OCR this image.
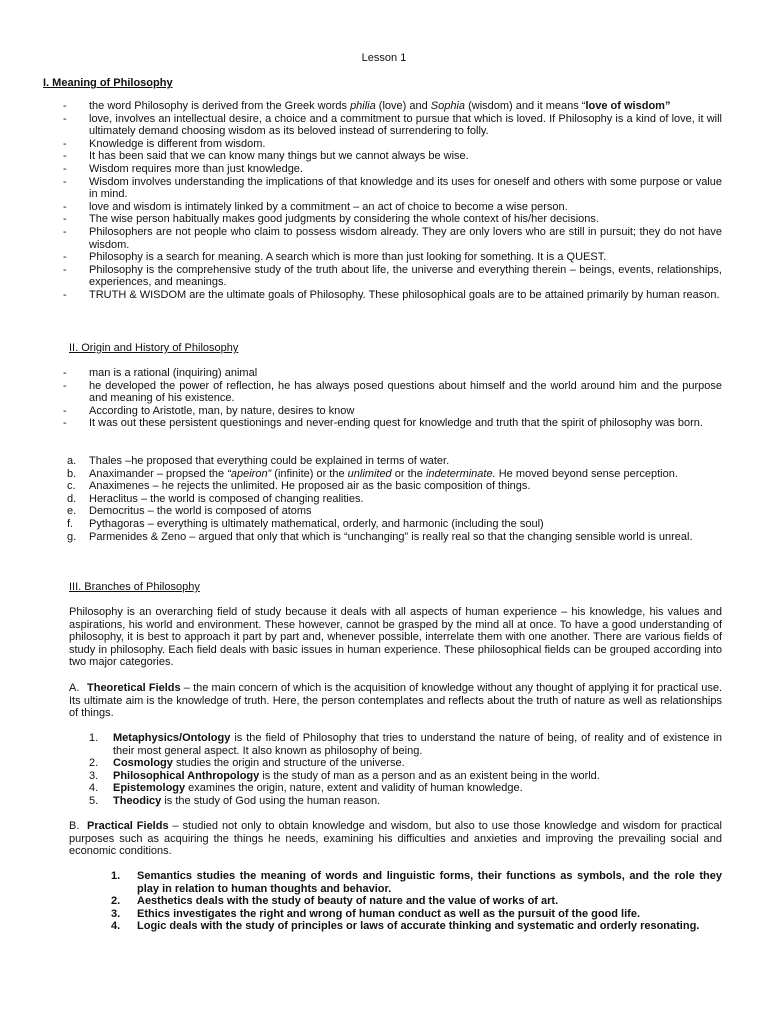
Lesson 1
I. Meaning of Philosophy
- the word Philosophy is derived from the Greek words philia (love) and Sophia (wisdom) and it means “love of wisdom”
- love, involves an intellectual desire, a choice and a commitment to pursue that which is loved. If Philosophy is a kind of love, it will ultimately demand choosing wisdom as its beloved instead of surrendering to folly.
- Knowledge is different from wisdom.
- It has been said that we can know many things but we cannot always be wise.
- Wisdom requires more than just knowledge.
- Wisdom involves understanding the implications of that knowledge and its uses for oneself and others with some purpose or value in mind.
- love and wisdom is intimately linked by a commitment – an act of choice to become a wise person.
- The wise person habitually makes good judgments by considering the whole context of his/her decisions.
- Philosophers are not people who claim to possess wisdom already. They are only lovers who are still in pursuit; they do not have wisdom.
- Philosophy is a search for meaning. A search which is more than just looking for something. It is a QUEST.
- Philosophy is the comprehensive study of the truth about life, the universe and everything therein – beings, events, relationships, experiences, and meanings.
- TRUTH & WISDOM are the ultimate goals of Philosophy. These philosophical goals are to be attained primarily by human reason.
II. Origin and History of Philosophy
- man is a rational (inquiring) animal
- he developed the power of reflection, he has always posed questions about himself and the world around him and the purpose and meaning of his existence.
- According to Aristotle, man, by nature, desires to know
- It was out these persistent questionings and never-ending quest for knowledge and truth that the spirit of philosophy was born.
a. Thales –he proposed that everything could be explained in terms of water.
b. Anaximander – propsed the “apeiron” (infinite) or the unlimited or the indeterminate. He moved beyond sense perception.
c. Anaximenes – he rejects the unlimited. He proposed air as the basic composition of things.
d. Heraclitus – the world is composed of changing realities.
e. Democritus – the world is composed of atoms
f. Pythagoras – everything is ultimately mathematical, orderly, and harmonic (including the soul)
g. Parmenides & Zeno – argued that only that which is “unchanging” is really real so that the changing sensible world is unreal.
III. Branches of Philosophy
Philosophy is an overarching field of study because it deals with all aspects of human experience – his knowledge, his values and aspirations, his world and environment. These however, cannot be grasped by the mind all at once. To have a good understanding of philosophy, it is best to approach it part by part and, whenever possible, interrelate them with one another. There are various fields of study in philosophy. Each field deals with basic issues in human experience. These philosophical fields can be grouped according into two major categories.
A. Theoretical Fields – the main concern of which is the acquisition of knowledge without any thought of applying it for practical use. Its ultimate aim is the knowledge of truth. Here, the person contemplates and reflects about the truth of nature as well as relationships of things.
1. Metaphysics/Ontology is the field of Philosophy that tries to understand the nature of being, of reality and of existence in their most general aspect. It also known as philosophy of being.
2. Cosmology studies the origin and structure of the universe.
3. Philosophical Anthropology is the study of man as a person and as an existent being in the world.
4. Epistemology examines the origin, nature, extent and validity of human knowledge.
5. Theodicy is the study of God using the human reason.
B. Practical Fields – studied not only to obtain knowledge and wisdom, but also to use those knowledge and wisdom for practical purposes such as acquiring the things he needs, examining his difficulties and anxieties and improving the prevailing social and economic conditions.
1. Semantics studies the meaning of words and linguistic forms, their functions as symbols, and the role they play in relation to human thoughts and behavior.
2. Aesthetics deals with the study of beauty of nature and the value of works of art.
3. Ethics investigates the right and wrong of human conduct as well as the pursuit of the good life.
4. Logic deals with the study of principles or laws of accurate thinking and systematic and orderly resonating.
